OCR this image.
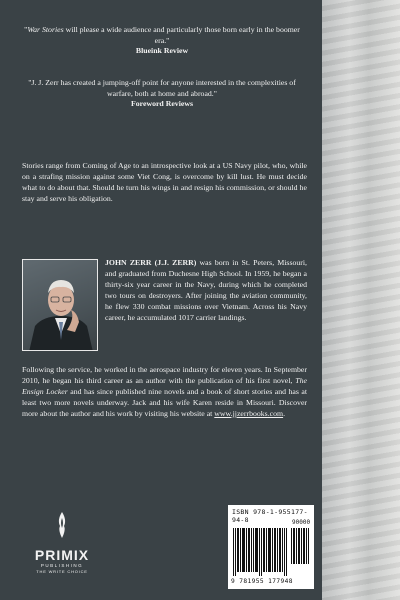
"War Stories will please a wide audience and particularly those born early in the boomer era."
Blueink Review
"J. J. Zerr has created a jumping-off point for anyone interested in the complexities of warfare, both at home and abroad."
Foreword Reviews
Stories range from Coming of Age to an introspective look at a US Navy pilot, who, while on a strafing mission against some Viet Cong, is overcome by kill lust. He must decide what to do about that. Should he turn his wings in and resign his commission, or should he stay and serve his obligation.
JOHN ZERR (J.J. ZERR) was born in St. Peters, Missouri, and graduated from Duchesne High School. In 1959, he began a thirty-six year career in the Navy, during which he completed two tours on destroyers. After joining the aviation community, he flew 330 combat missions over Vietnam. Across his Navy career, he accumulated 1017 carrier landings.
Following the service, he worked in the aerospace industry for eleven years. In September 2010, he began his third career as an author with the publication of his first novel, The Ensign Locker and has since published nine novels and a book of short stories and has at least two more novels underway. Jack and his wife Karen reside in Missouri. Discover more about the author and his work by visiting his website at www.jjzerrbooks.com.
PRIMIX
PUBLISHING
THE WRITE CHOICE
ISBN 978-1-955177-94-8	90000
9 781955 177948
